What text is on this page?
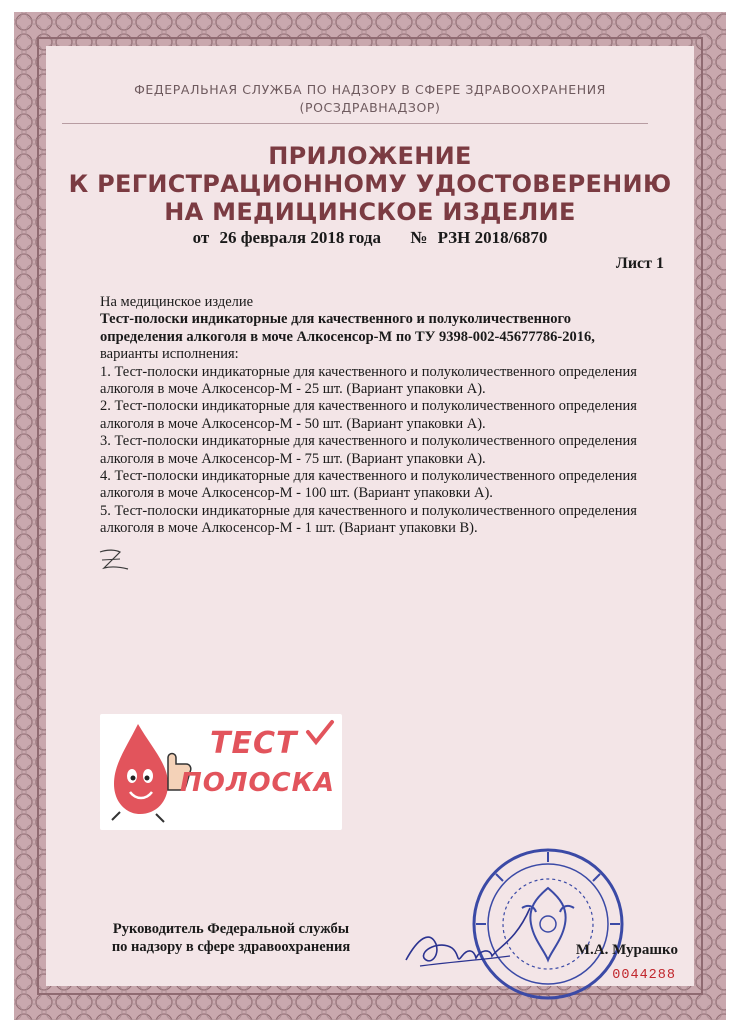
ФЕДЕРАЛЬНАЯ СЛУЖБА ПО НАДЗОРУ В СФЕРЕ ЗДРАВООХРАНЕНИЯ
(РОСЗДРАВНАДЗОР)
ПРИЛОЖЕНИЕ
К РЕГИСТРАЦИОННОМУ УДОСТОВЕРЕНИЮ
НА МЕДИЦИНСКОЕ ИЗДЕЛИЕ
от 26 февраля 2018 года № РЗН 2018/6870
Лист 1

На медицинское изделие

Тест-полоски индикаторные для качественного и полуколичественного

определения алкоголя в моче Алкосенсор-М по ТУ 9398-002-45677786-2016,

варианты исполнения:

1. Тест-полоски индикаторные для качественного и полуколичественного определения

алкоголя в моче Алкосенсор-М - 25 шт. (Вариант упаковки А).

2. Тест-полоски индикаторные для качественного и полуколичественного определения

алкоголя в моче Алкосенсор-М - 50 шт. (Вариант упаковки А).

3. Тест-полоски индикаторные для качественного и полуколичественного определения

алкоголя в моче Алкосенсор-М - 75 шт. (Вариант упаковки А).

4. Тест-полоски индикаторные для качественного и полуколичественного определения

алкоголя в моче Алкосенсор-М - 100 шт. (Вариант упаковки А).

5. Тест-полоски индикаторные для качественного и полуколичественного определения

алкоголя в моче Алкосенсор-М - 1 шт. (Вариант упаковки В).

ТЕСТ
ПОЛОСКА
Руководитель Федеральной службы
по надзору в сфере здравоохранения	М.А. Мурашко
0044288
